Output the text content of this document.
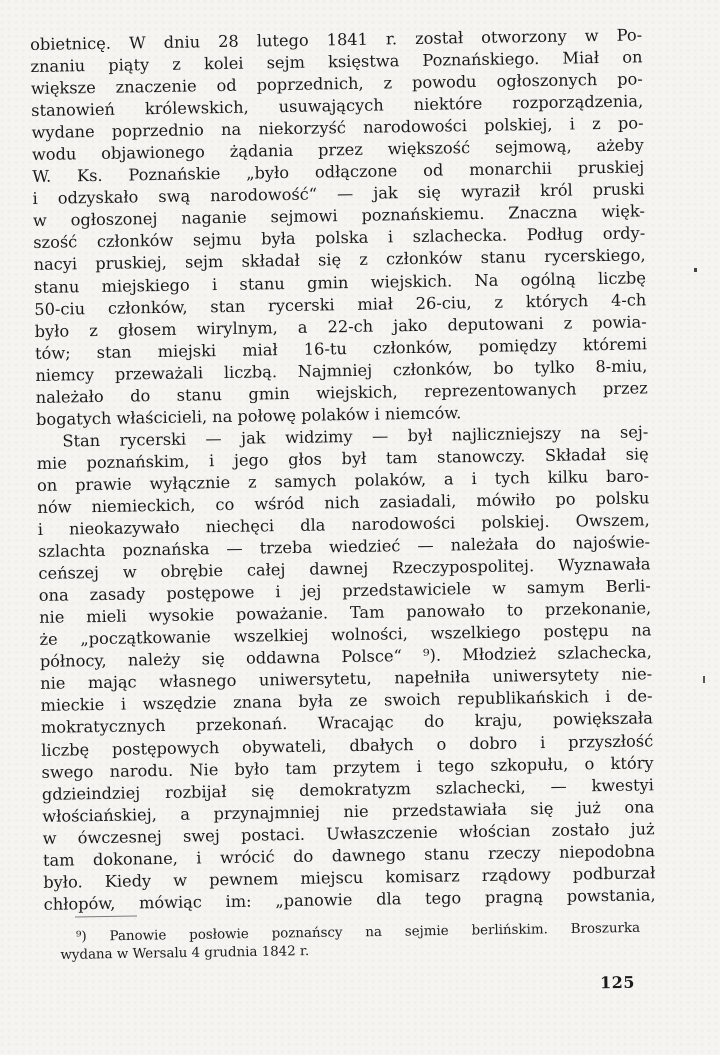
obietnicę. W dniu 28 lutego 1841 r. został otworzony w Po-
znaniu piąty z kolei sejm księstwa Poznańskiego. Miał on
większe znaczenie od poprzednich, z powodu ogłoszonych po-
stanowień królewskich, usuwających niektóre rozporządzenia,
wydane poprzednio na niekorzyść narodowości polskiej, i z po-
wodu objawionego żądania przez większość sejmową, ażeby
W. Ks. Poznańskie „było odłączone od monarchii pruskiej
i odzyskało swą narodowość“ — jak się wyraził król pruski
w ogłoszonej naganie sejmowi poznańskiemu. Znaczna więk-
szość członków sejmu była polska i szlachecka. Podług ordy-
nacyi pruskiej, sejm składał się z członków stanu rycerskiego,
stanu miejskiego i stanu gmin wiejskich. Na ogólną liczbę
50-ciu członków, stan rycerski miał 26-ciu, z których 4-ch
było z głosem wirylnym, a 22-ch jako deputowani z powia-
tów; stan miejski miał 16-tu członków, pomiędzy któremi
niemcy przeważali liczbą. Najmniej członków, bo tylko 8-miu,
należało do stanu gmin wiejskich, reprezentowanych przez
bogatych właścicieli, na połowę polaków i niemców.
Stan rycerski — jak widzimy — był najliczniejszy na sej-
mie poznańskim, i jego głos był tam stanowczy. Składał się
on prawie wyłącznie z samych polaków, a i tych kilku baro-
nów niemieckich, co wśród nich zasiadali, mówiło po polsku
i nieokazywało niechęci dla narodowości polskiej. Owszem,
szlachta poznańska — trzeba wiedzieć — należała do najoświe-
ceńszej w obrębie całej dawnej Rzeczypospolitej. Wyznawała
ona zasady postępowe i jej przedstawiciele w samym Berli-
nie mieli wysokie poważanie. Tam panowało to przekonanie,
że „początkowanie wszelkiej wolności, wszelkiego postępu na
północy, należy się oddawna Polsce“ ⁹). Młodzież szlachecka,
nie mając własnego uniwersytetu, napełniła uniwersytety nie-
mieckie i wszędzie znana była ze swoich republikańskich i de-
mokratycznych przekonań. Wracając do kraju, powiększała
liczbę postępowych obywateli, dbałych o dobro i przyszłość
swego narodu. Nie było tam przytem i tego szkopułu, o który
gdzieindziej rozbijał się demokratyzm szlachecki, — kwestyi
włościańskiej, a przynajmniej nie przedstawiała się już ona
w ówczesnej swej postaci. Uwłaszczenie włościan zostało już
tam dokonane, i wrócić do dawnego stanu rzeczy niepodobna
było. Kiedy w pewnem miejscu komisarz rządowy podburzał
chłopów, mówiąc im: „panowie dla tego pragną powstania,
⁹) Panowie posłowie poznańscy na sejmie berlińskim. Broszurka
wydana w Wersalu 4 grudnia 1842 r.
125
